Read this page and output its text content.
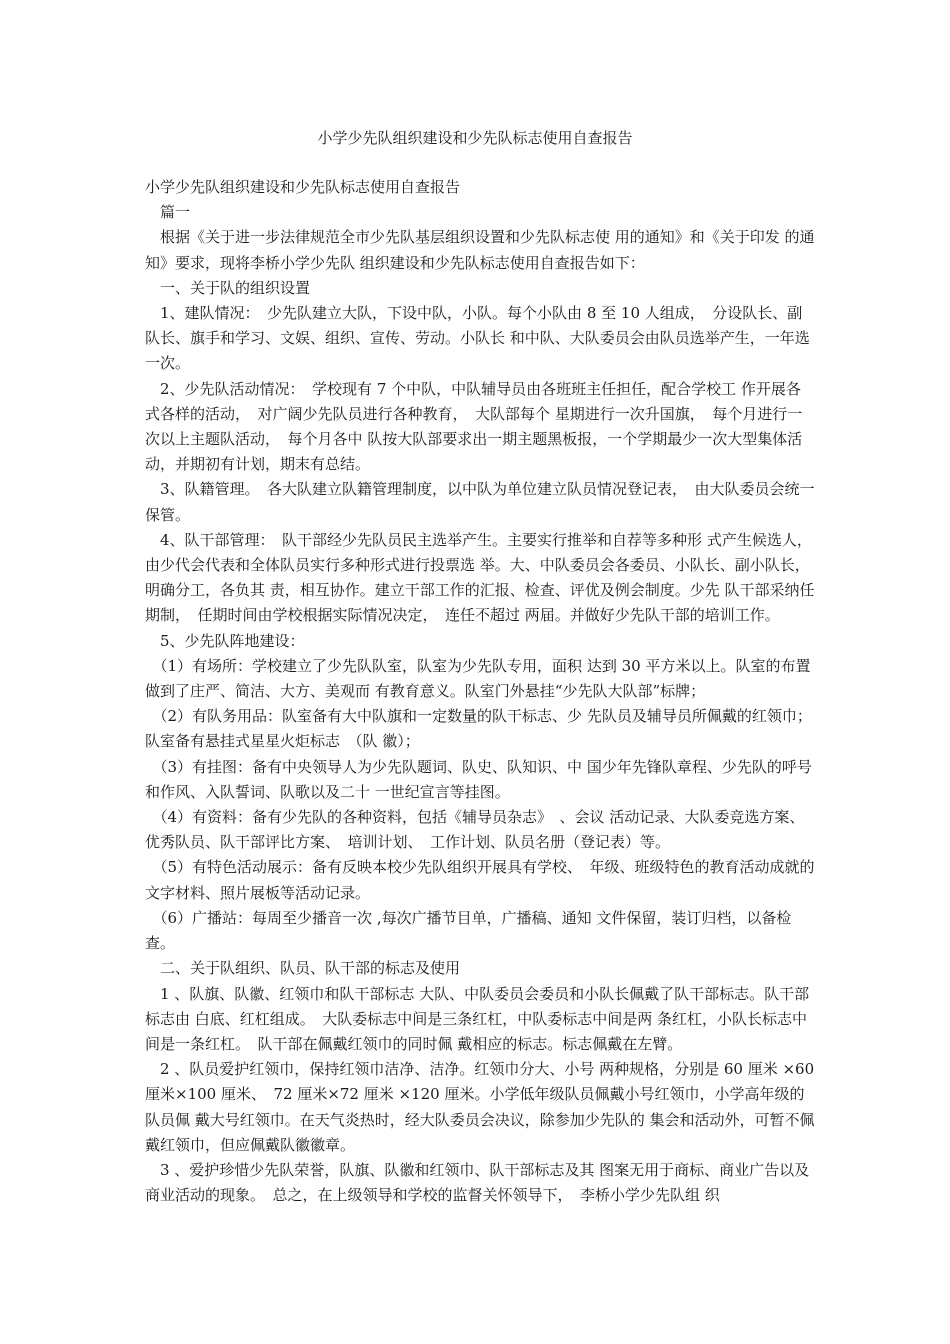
小学少先队组织建设和少先队标志使用自查报告

小学少先队组织建设和少先队标志使用自查报告

　篇一

　根据《关于进一步法律规范全市少先队基层组织设置和少先队标志使 用的通知》和《关于印发 的通知》要求，现将李桥小学少先队 组织建设和少先队标志使用自查报告如下：

　一、关于队的组织设置

　1、建队情况：　少先队建立大队，下设中队，小队。每个小队由 8 至 10 人组成，　分设队长、副队长、旗手和学习、文娱、组织、宣传、劳动。小队长 和中队、大队委员会由队员选举产生，一年选一次。

　2、少先队活动情况：　学校现有 7 个中队，中队辅导员由各班班主任担任，配合学校工 作开展各式各样的活动，　对广阔少先队员进行各种教育，　大队部每个 星期进行一次升国旗，　每个月进行一次以上主题队活动，　每个月各中 队按大队部要求出一期主题黑板报，一个学期最少一次大型集体活 动，并期初有计划，期末有总结。

　3、队籍管理。　各大队建立队籍管理制度，以中队为单位建立队员情况登记表，　由大队委员会统一保管。

　4、队干部管理：　队干部经少先队员民主选举产生。主要实行推举和自荐等多种形 式产生候选人，由少代会代表和全体队员实行多种形式进行投票选 举。大、中队委员会各委员、小队长、副小队长，明确分工，各负其 责，相互协作。建立干部工作的汇报、检查、评优及例会制度。少先 队干部采纳任期制，　任期时间由学校根据实际情况决定，　连任不超过 两届。并做好少先队干部的培训工作。

　5、少先队阵地建设：

　（1）有场所：学校建立了少先队队室，队室为少先队专用，面积 达到 30 平方米以上。队室的布置做到了庄严、简洁、大方、美观而 有教育意义。队室门外悬挂“少先队大队部”标牌；

　（2）有队务用品：队室备有大中队旗和一定数量的队干标志、少 先队员及辅导员所佩戴的红领巾；　队室备有悬挂式星星火炬标志　（队 徽）；

　（3）有挂图：备有中央领导人为少先队题词、队史、队知识、中 国少年先锋队章程、少先队的呼号和作风、入队誓词、队歌以及二十 一世纪宣言等挂图。

　（4）有资料：备有少先队的各种资料，包括《辅导员杂志》　、会议 活动记录、大队委竞选方案、　优秀队员、队干部评比方案、　培训计划、　工作计划、队员名册（登记表）等。

　（5）有特色活动展示：备有反映本校少先队组织开展具有学校、　年级、班级特色的教育活动成就的文字材料、照片展板等活动记录。

　（6）广播站：每周至少播音一次 ,每次广播节目单，广播稿、通知 文件保留，装订归档，以备检查。

　二、关于队组织、队员、队干部的标志及使用

　1 、队旗、队徽、红领巾和队干部标志 大队、中队委员会委员和小队长佩戴了队干部标志。队干部标志由 白底、红杠组成。　大队委标志中间是三条红杠，中队委标志中间是两 条红杠，小队长标志中间是一条红杠。　队干部在佩戴红领巾的同时佩 戴相应的标志。标志佩戴在左臂。

　2 、队员爱护红领巾，保持红领巾洁净、洁净。红领巾分大、小号 两种规格，分别是 60 厘米 ×60 厘米×100 厘米、　72 厘米×72 厘米 ×120 厘米。小学低年级队员佩戴小号红领巾，小学高年级的队员佩 戴大号红领巾。在天气炎热时，经大队委员会决议，除参加少先队的 集会和活动外，可暂不佩戴红领巾，但应佩戴队徽徽章。

　3 、爱护珍惜少先队荣誉，队旗、队徽和红领巾、队干部标志及其 图案无用于商标、商业广告以及商业活动的现象。　总之，在上级领导和学校的监督关怀领导下，　李桥小学少先队组 织
